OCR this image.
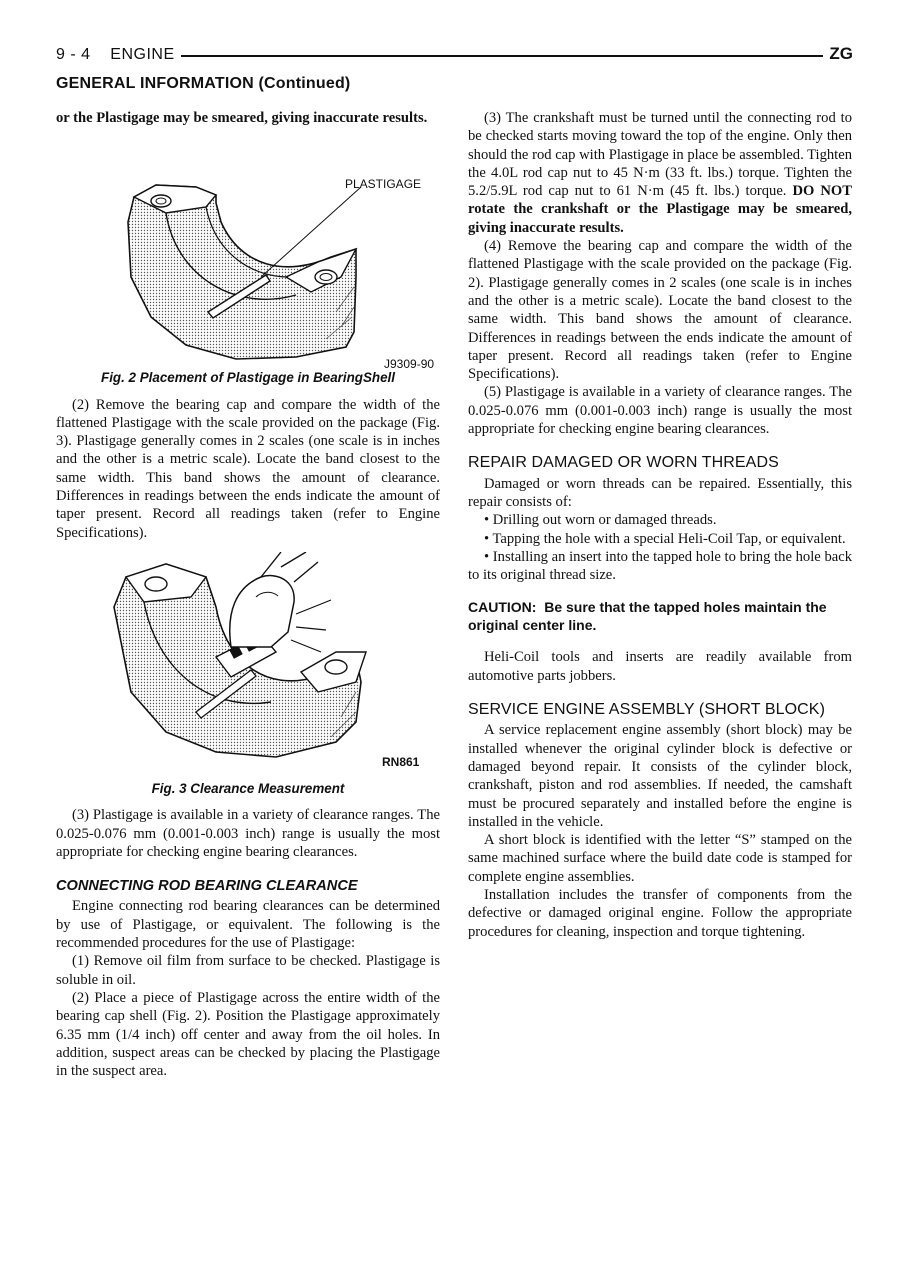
9 - 4    ENGINE	ZG
GENERAL INFORMATION (Continued)

or the Plastigage may be smeared, giving inaccurate results.

PLASTIGAGE
J9309-90
Fig. 2 Placement of Plastigage in BearingShell

(2) Remove the bearing cap and compare the width of the flattened Plastigage with the scale provided on the package (Fig. 3). Plastigage generally comes in 2 scales (one scale is in inches and the other is a metric scale). Locate the band closest to the same width. This band shows the amount of clearance. Differences in readings between the ends indicate the amount of taper present. Record all readings taken (refer to Engine Specifications).

RN861
Fig. 3 Clearance Measurement

(3) Plastigage is available in a variety of clearance ranges. The 0.025-0.076 mm (0.001-0.003 inch) range is usually the most appropriate for checking engine bearing clearances.

CONNECTING ROD BEARING CLEARANCE

Engine connecting rod bearing clearances can be determined by use of Plastigage, or equivalent. The following is the recommended procedures for the use of Plastigage:

(1) Remove oil film from surface to be checked. Plastigage is soluble in oil.

(2) Place a piece of Plastigage across the entire width of the bearing cap shell (Fig. 2). Position the Plastigage approximately 6.35 mm (1/4 inch) off center and away from the oil holes. In addition, suspect areas can be checked by placing the Plastigage in the suspect area.

(3) The crankshaft must be turned until the connecting rod to be checked starts moving toward the top of the engine. Only then should the rod cap with Plastigage in place be assembled. Tighten the 4.0L rod cap nut to 45 N·m (33 ft. lbs.) torque. Tighten the 5.2/5.9L rod cap nut to 61 N·m (45 ft. lbs.) torque. DO NOT rotate the crankshaft or the Plastigage may be smeared, giving inaccurate results.

(4) Remove the bearing cap and compare the width of the flattened Plastigage with the scale provided on the package (Fig. 2). Plastigage generally comes in 2 scales (one scale is in inches and the other is a metric scale). Locate the band closest to the same width. This band shows the amount of clearance. Differences in readings between the ends indicate the amount of taper present. Record all readings taken (refer to Engine Specifications).

(5) Plastigage is available in a variety of clearance ranges. The 0.025-0.076 mm (0.001-0.003 inch) range is usually the most appropriate for checking engine bearing clearances.

REPAIR DAMAGED OR WORN THREADS

Damaged or worn threads can be repaired. Essentially, this repair consists of:

• Drilling out worn or damaged threads.

• Tapping the hole with a special Heli-Coil Tap, or equivalent.

• Installing an insert into the tapped hole to bring the hole back to its original thread size.

CAUTION:  Be sure that the tapped holes maintain the original center line.

Heli-Coil tools and inserts are readily available from automotive parts jobbers.

SERVICE ENGINE ASSEMBLY (SHORT BLOCK)

A service replacement engine assembly (short block) may be installed whenever the original cylinder block is defective or damaged beyond repair. It consists of the cylinder block, crankshaft, piston and rod assemblies. If needed, the camshaft must be procured separately and installed before the engine is installed in the vehicle.

A short block is identified with the letter “S” stamped on the same machined surface where the build date code is stamped for complete engine assemblies.

Installation includes the transfer of components from the defective or damaged original engine. Follow the appropriate procedures for cleaning, inspection and torque tightening.
